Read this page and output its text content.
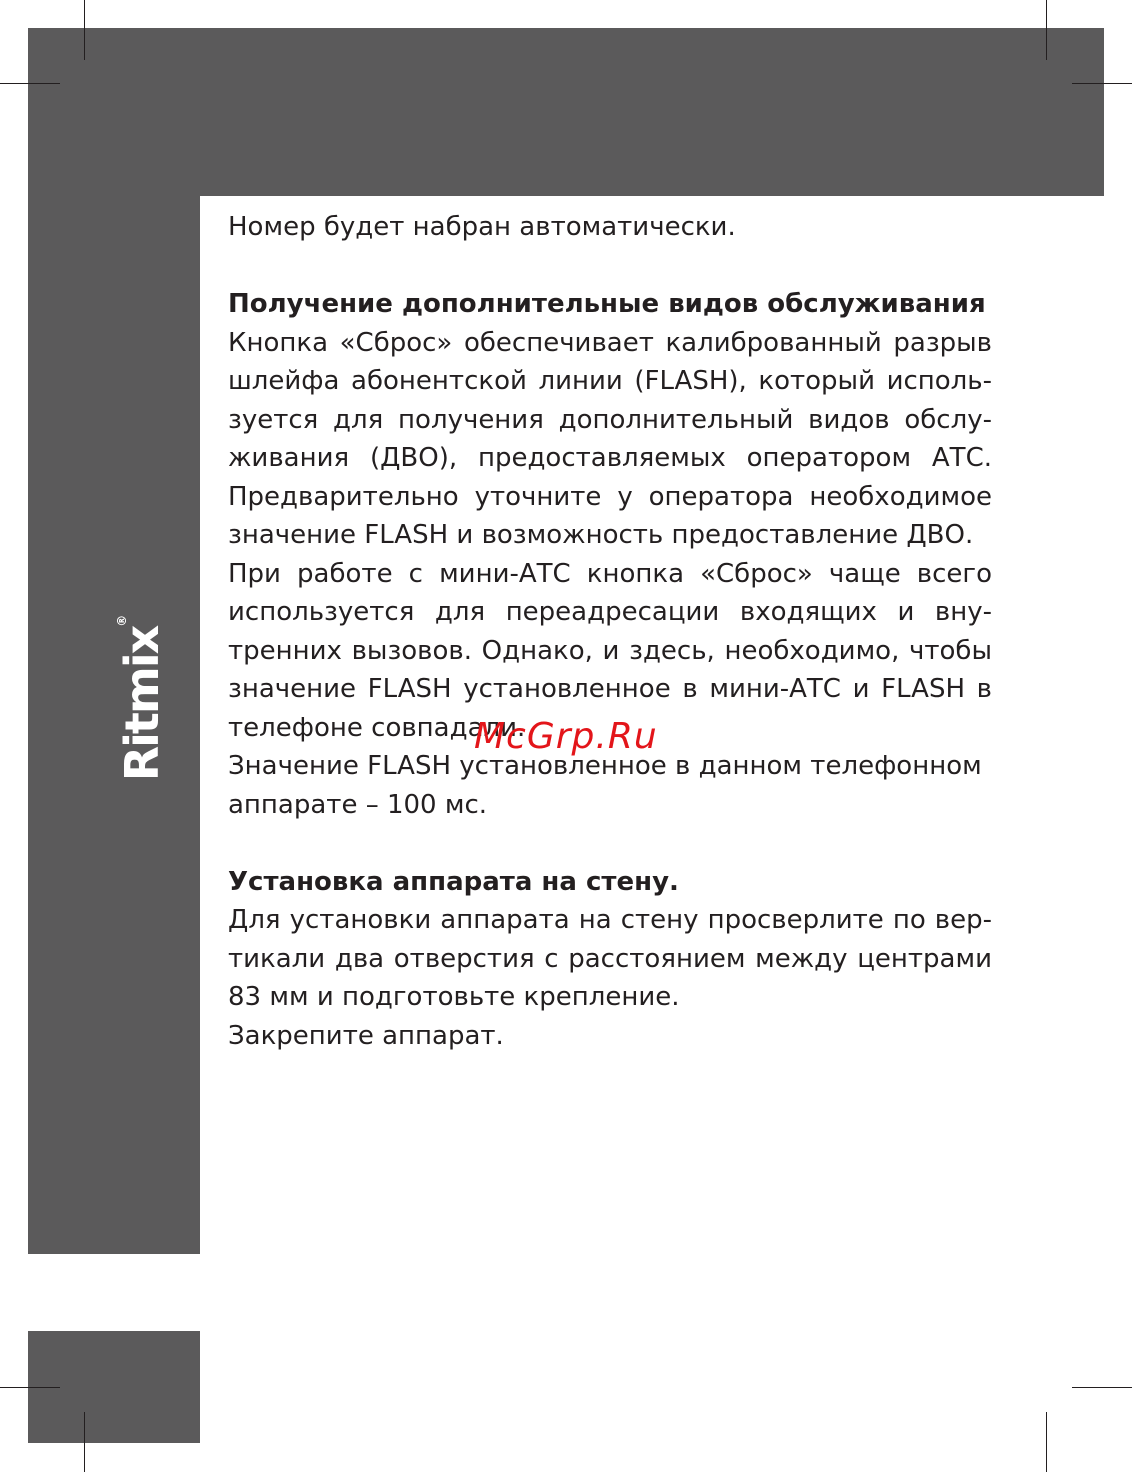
Ritmix®

Номер будет набран автоматически.

Получение дополнительные видов обслуживания

Кнопка «Сброс» обеспечивает калиброванный разрыв шлейфа абонентской линии (FLASH), который исполь- зуется для получения дополнительный видов обслу- живания (ДВО), предоставляемых оператором АТС. Предварительно уточните у оператора необходимое значение FLASH и возможность предоставление ДВО.

При работе с мини-АТС кнопка «Сброс» чаще всего используется для переадресации входящих и вну- тренних вызовов. Однако, и здесь, необходимо, чтобы значение FLASH установленное в мини-АТС и FLASH в телефоне совпадали.

Значение FLASH установленное в данном телефонном аппарате – 100 мс.

Установка аппарата на стену.

Для установки аппарата на стену просверлите по вер- тикали два отверстия с расстоянием между центрами 83 мм и подготовьте крепление.

Закрепите аппарат.

McGrp.Ru
